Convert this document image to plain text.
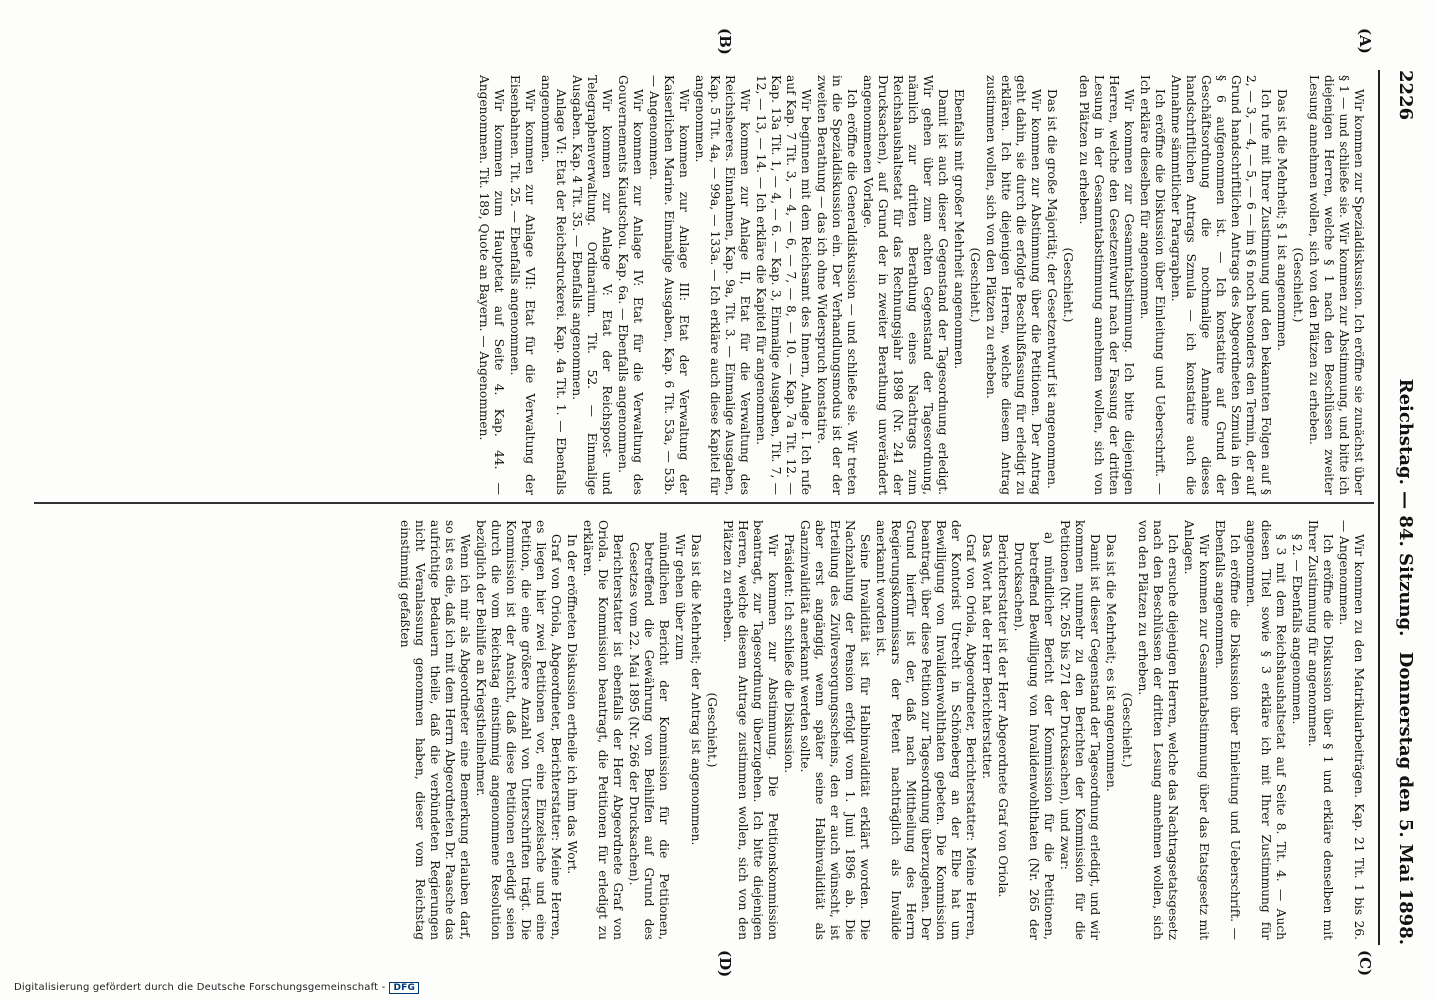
2226
Reichstag. — 84. Sitzung.
Donnerstag den 5. Mai 1898.
(A)
(B)
(C)
(D)

Wir kommen zur Spezialdiskussion. Ich eröffne sie zunächst über § 1 — und schließe sie. Wir kommen zur Abstimmung, und bitte ich diejenigen Herren, welche § 1 nach den Beschlüssen zweiter Lesung annehmen wollen, sich von den Plätzen zu erheben.

(Geschieht.)

Das ist die Mehrheit; § 1 ist angenommen.

Ich rufe mit Ihrer Zustimmung und den bekannten Folgen auf § 2, — 3, — 4, — 5, — 6 — im § 6 noch besonders den Termin, der auf Grund handschriftlichen Antrags des Abgeordneten Szmula in den § 6 aufgenommen ist. — Ich konstatire auf Grund der Geschäftsordnung die nochmalige Annahme dieses handschriftlichen Antrags Szmula — ich konstatire auch die Annahme sämmtlicher Paragraphen.

Ich eröffne die Diskussion über Einleitung und Ueberschrift. — Ich erkläre dieselben für angenommen.

Wir kommen zur Gesammtabstimmung. Ich bitte diejenigen Herren, welche den Gesetzentwurf nach der Fassung der dritten Lesung in der Gesammtabstimmung annehmen wollen, sich von den Plätzen zu erheben.

(Geschieht.)

Das ist die große Majorität; der Gesetzentwurf ist angenommen.

Wir kommen zur Abstimmung über die Petitionen. Der Antrag geht dahin, sie durch die erfolgte Beschlußfassung für erledigt zu erklären. Ich bitte diejenigen Herren, welche diesem Antrag zustimmen wollen, sich von den Plätzen zu erheben.

(Geschieht.)

Ebenfalls mit großer Mehrheit angenommen.

Damit ist auch dieser Gegenstand der Tagesordnung erledigt. Wir gehen über zum achten Gegenstand der Tagesordnung, nämlich zur dritten Berathung eines Nachtrags zum Reichshaushaltsetat für das Rechnungsjahr 1898 (Nr. 241 der Drucksachen), auf Grund der in zweiter Berathung unverändert angenommenen Vorlage.

Ich eröffne die Generaldiskussion — und schließe sie. Wir treten in die Spezialdiskussion ein. Der Verhandlungsmodus ist der der zweiten Berathung — das ich ohne Widerspruch konstatire.

Wir beginnen mit dem Reichsamt des Innern, Anlage I. Ich rufe auf Kap. 7 Tit. 3, — 4, — 6, — 7, — 8, — 10. — Kap. 7a Tit. 12. — Kap. 13a Tit. 1, — 4, — 6. — Kap. 3, Einmalige Ausgaben, Tit. 7, — 12, — 13, — 14. — Ich erkläre die Kapitel für angenommen.

Wir kommen zur Anlage II, Etat für die Verwaltung des Reichsheeres. Einnahmen, Kap. 9a, Tit. 3. — Einmalige Ausgaben, Kap. 5 Tit. 4a, — 99a, — 133a. — Ich erkläre auch diese Kapitel für angenommen.

Wir kommen zur Anlage III: Etat der Verwaltung der Kaiserlichen Marine. Einmalige Ausgaben, Kap. 6 Tit. 53a, — 53b. — Angenommen.

Wir kommen zur Anlage IV: Etat für die Verwaltung des Gouvernements Kiautschou. Kap. 6a. — Ebenfalls angenommen.

Wir kommen zur Anlage V: Etat der Reichspost- und Telegraphenverwaltung. Ordinarium. Tit. 52. — Einmalige Ausgaben. Kap. 4 Tit. 35. — Ebenfalls angenommen.

Anlage VI: Etat der Reichsdruckerei. Kap. 4a Tit. 1. — Ebenfalls angenommen.

Wir kommen zur Anlage VII: Etat für die Verwaltung der Eisenbahnen. Tit. 25. — Ebenfalls angenommen.

Wir kommen zum Hauptetat auf Seite 4. Kap. 44. — Angenommen. Tit. 189, Quote an Bayern. — Angenommen.

Wir kommen zu den Matrikularbeiträgen. Kap. 21 Tit. 1 bis 26. — Angenommen.

Ich eröffne die Diskussion über § 1 und erkläre denselben mit Ihrer Zustimmung für angenommen.

§ 2. — Ebenfalls angenommen.

§ 3 mit dem Reichshaushaltsetat auf Seite 8. Tit. 4. — Auch diesen Titel sowie § 3 erkläre ich mit Ihrer Zustimmung für angenommen.

Ich eröffne die Diskussion über Einleitung und Ueberschrift. — Ebenfalls angenommen.

Wir kommen zur Gesammtabstimmung über das Etatsgesetz mit Anlagen.

Ich ersuche diejenigen Herren, welche das Nachtragsetatsgesetz nach den Beschlüssen der dritten Lesung annehmen wollen, sich von den Plätzen zu erheben.

(Geschieht.)

Das ist die Mehrheit; es ist angenommen.

Damit ist dieser Gegenstand der Tagesordnung erledigt, und wir kommen nunmehr zu den Berichten der Kommission für die Petitionen (Nr. 265 bis 271 der Drucksachen), und zwar:

a) mündlicher Bericht der Kommission für die Petitionen, betreffend Bewilligung von Invalidenwohlthaten (Nr. 265 der Drucksachen).

Berichterstatter ist der Herr Abgeordnete Graf von Oriola.

Das Wort hat der Herr Berichterstatter.

Graf von Oriola, Abgeordneter, Berichterstatter: Meine Herren, der Kontorist Utrecht in Schöneberg an der Elbe hat um Bewilligung von Invalidenwohlthaten gebeten. Die Kommission beantragt, über diese Petition zur Tagesordnung überzugehen. Der Grund hierfür ist der, daß nach Mittheilung des Herrn Regierungskommissars der Petent nachträglich als Invalide anerkannt worden ist.

Seine Invalidität ist für Halbinvalidität erklärt worden. Die Nachzahlung der Pension erfolgt vom 1. Juni 1896 ab. Die Erteilung des Zivilversorgungsscheins, den er auch wünscht, ist aber erst angängig, wenn später seine Halbinvalidität als Ganzinvalidität anerkannt werden sollte.

Präsident: Ich schließe die Diskussion.

Wir kommen zur Abstimmung. Die Petitionskommission beantragt, zur Tagesordnung überzugehen. Ich bitte diejenigen Herren, welche diesem Antrage zustimmen wollen, sich von den Plätzen zu erheben.

(Geschieht.)

Das ist die Mehrheit; der Antrag ist angenommen.

Wir gehen über zum

mündlichen Bericht der Kommission für die Petitionen, betreffend die Gewährung von Beihilfen auf Grund des Gesetzes vom 22. Mai 1895 (Nr. 266 der Drucksachen).

Berichterstatter ist ebenfalls der Herr Abgeordnete Graf von Oriola. Die Kommission beantragt, die Petitionen für erledigt zu erklären.

In der eröffneten Diskussion ertheile ich ihm das Wort.

Graf von Oriola, Abgeordneter, Berichterstatter: Meine Herren, es liegen hier zwei Petitionen vor, eine Einzelsache und eine Petition, die eine größere Anzahl von Unterschriften trägt. Die Kommission ist der Ansicht, daß diese Petitionen erledigt seien durch die vom Reichstag einstimmig angenommene Resolution bezüglich der Beihilfe an Kriegstheilnehmer.

Wenn ich mir als Abgeordneter eine Bemerkung erlauben darf, so ist es die, daß ich mit dem Herrn Abgeordneten Dr. Paasche das aufrichtige Bedauern theile, daß die verbündeten Regierungen nicht Veranlassung genommen haben, dieser vom Reichstag einstimmig gefaßten

Digitalisierung gefördert durch die Deutsche Forschungsgemeinschaft - DFG
